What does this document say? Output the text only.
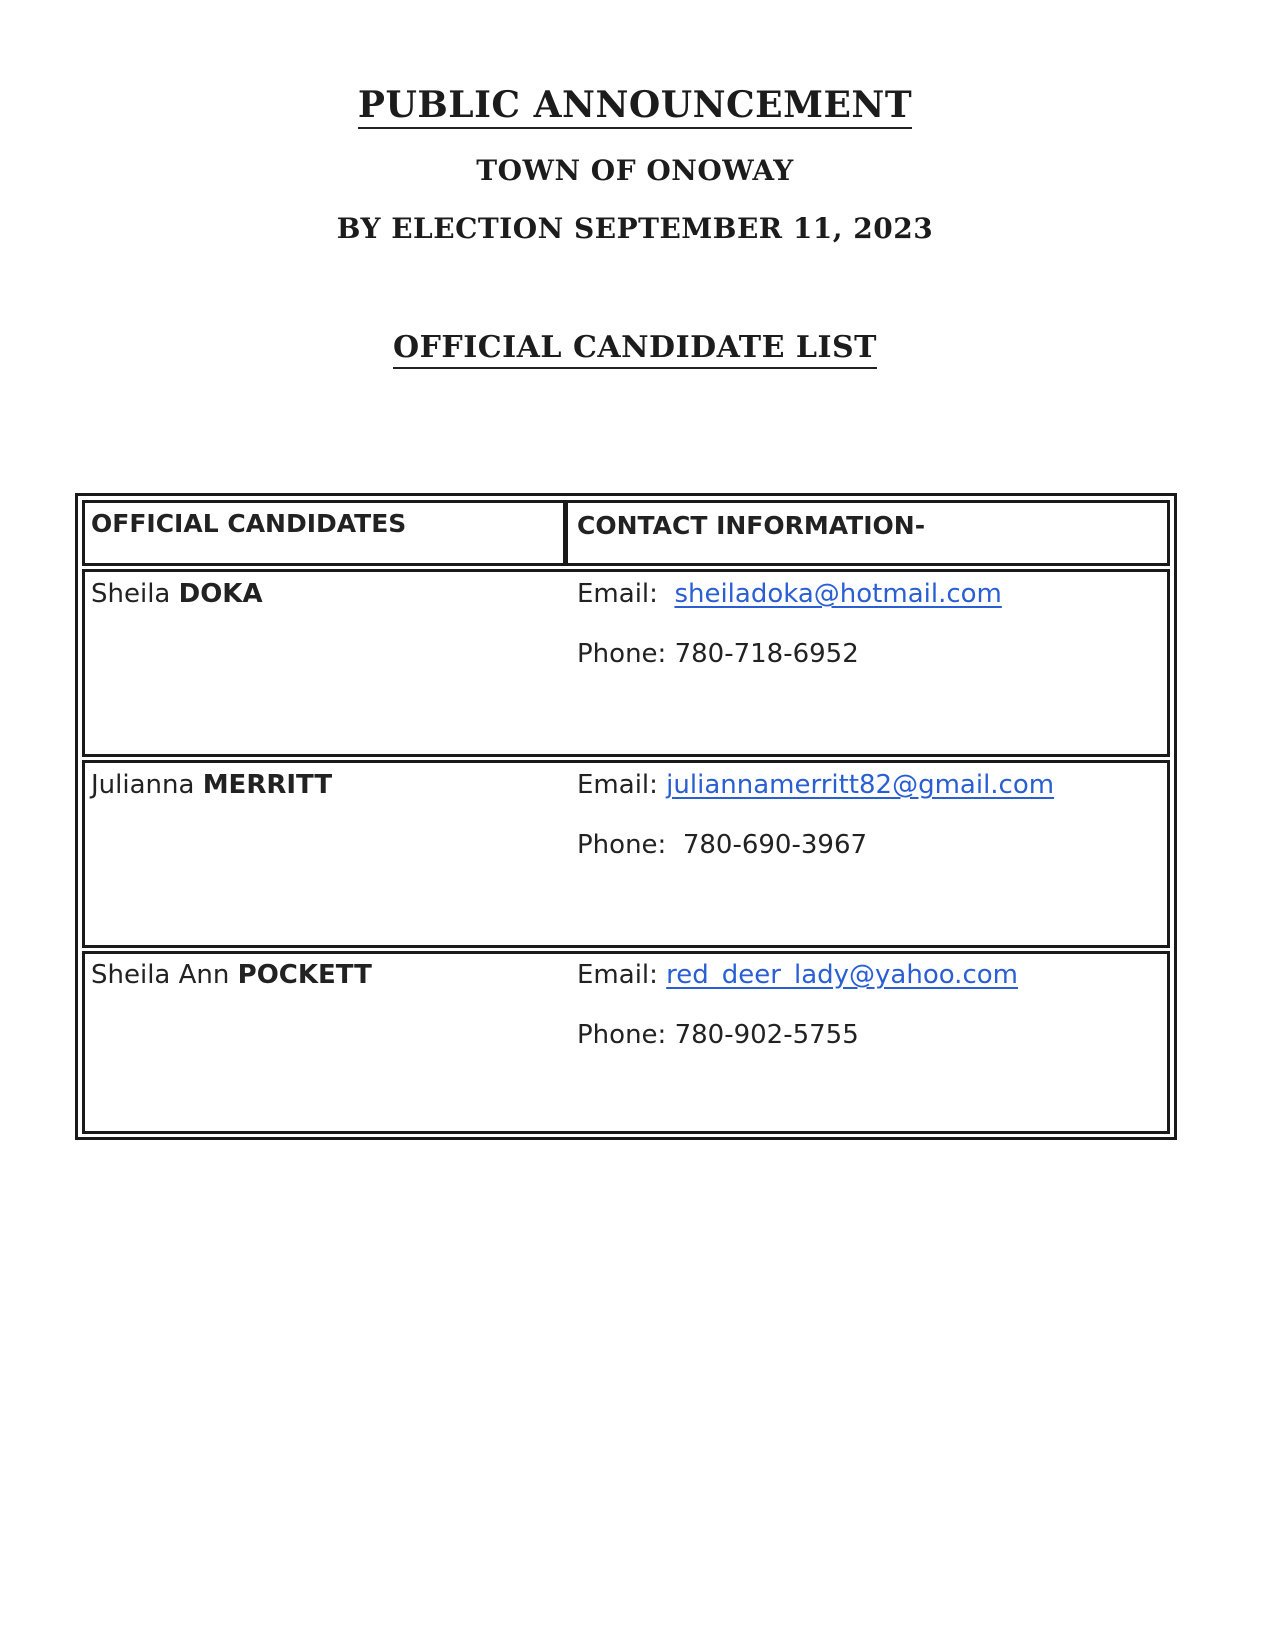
PUBLIC ANNOUNCEMENT
TOWN OF ONOWAY
BY ELECTION SEPTEMBER 11, 2023
OFFICIAL CANDIDATE LIST
OFFICIAL CANDIDATES	CONTACT INFORMATION-
Sheila DOKA	Email: sheiladoka@hotmail.com
Phone: 780-718-6952
Julianna MERRITT	Email: juliannamerritt82@gmail.com
Phone: 780-690-3967
Sheila Ann POCKETT	Email: red_deer_lady@yahoo.com
Phone: 780-902-5755
